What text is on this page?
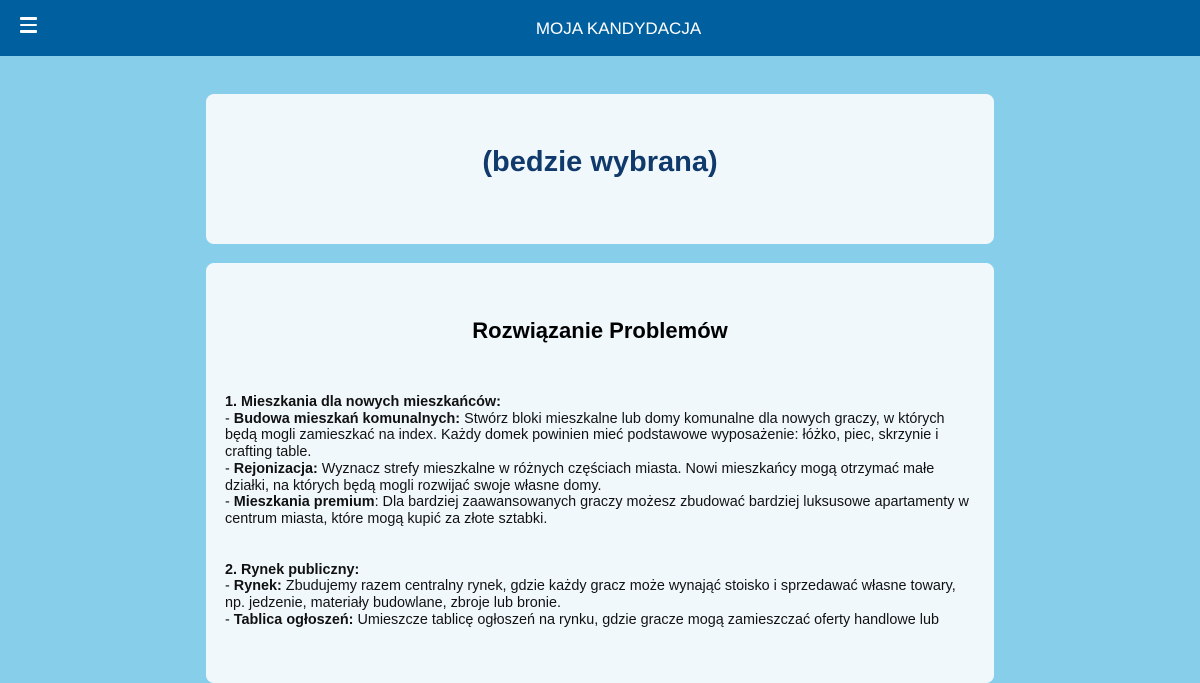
MOJA KANDYDACJA
(bedzie wybrana)
Rozwiązanie Problemów
1. Mieszkania dla nowych mieszkańców:
- Budowa mieszkań komunalnych: Stwórz bloki mieszkalne lub domy komunalne dla nowych graczy, w których będą mogli zamieszkać na index. Każdy domek powinien mieć podstawowe wyposażenie: łóżko, piec, skrzynie i crafting table.
- Rejonizacja: Wyznacz strefy mieszkalne w różnych częściach miasta. Nowi mieszkańcy mogą otrzymać małe działki, na których będą mogli rozwijać swoje własne domy.
- Mieszkania premium: Dla bardziej zaawansowanych graczy możesz zbudować bardziej luksusowe apartamenty w centrum miasta, które mogą kupić za złote sztabki.
2. Rynek publiczny:
- Rynek: Zbudujemy razem centralny rynek, gdzie każdy gracz może wynająć stoisko i sprzedawać własne towary, np. jedzenie, materiały budowlane, zbroje lub bronie.
- Tablica ogłoszeń: Umieszcze tablicę ogłoszeń na rynku, gdzie gracze mogą zamieszczać oferty handlowe lub
